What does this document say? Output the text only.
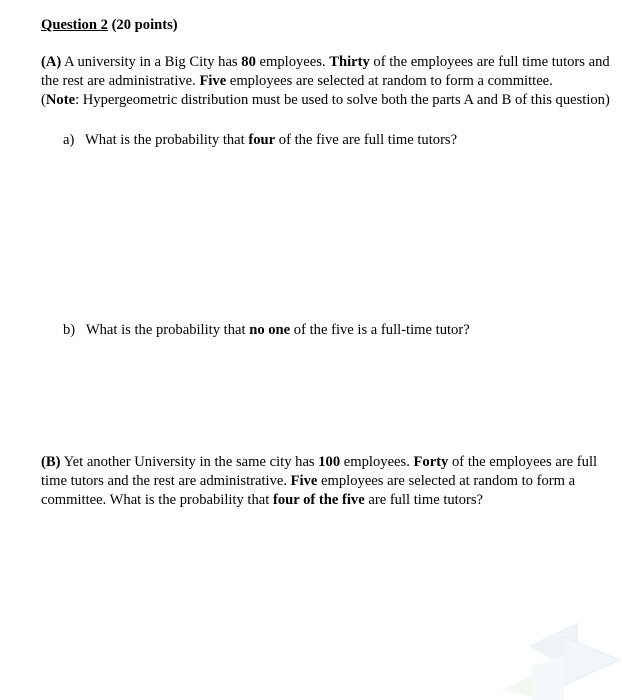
Question 2 (20 points)
(A) A university in a Big City has 80 employees. Thirty of the employees are full time tutors and
the rest are administrative. Five employees are selected at random to form a committee.
(Note: Hypergeometric distribution must be used to solve both the parts A and B of this question)
a) What is the probability that four of the five are full time tutors?
b) What is the probability that no one of the five is a full-time tutor?
(B) Yet another University in the same city has 100 employees. Forty of the employees are full
time tutors and the rest are administrative. Five employees are selected at random to form a
committee. What is the probability that four of the five are full time tutors?
